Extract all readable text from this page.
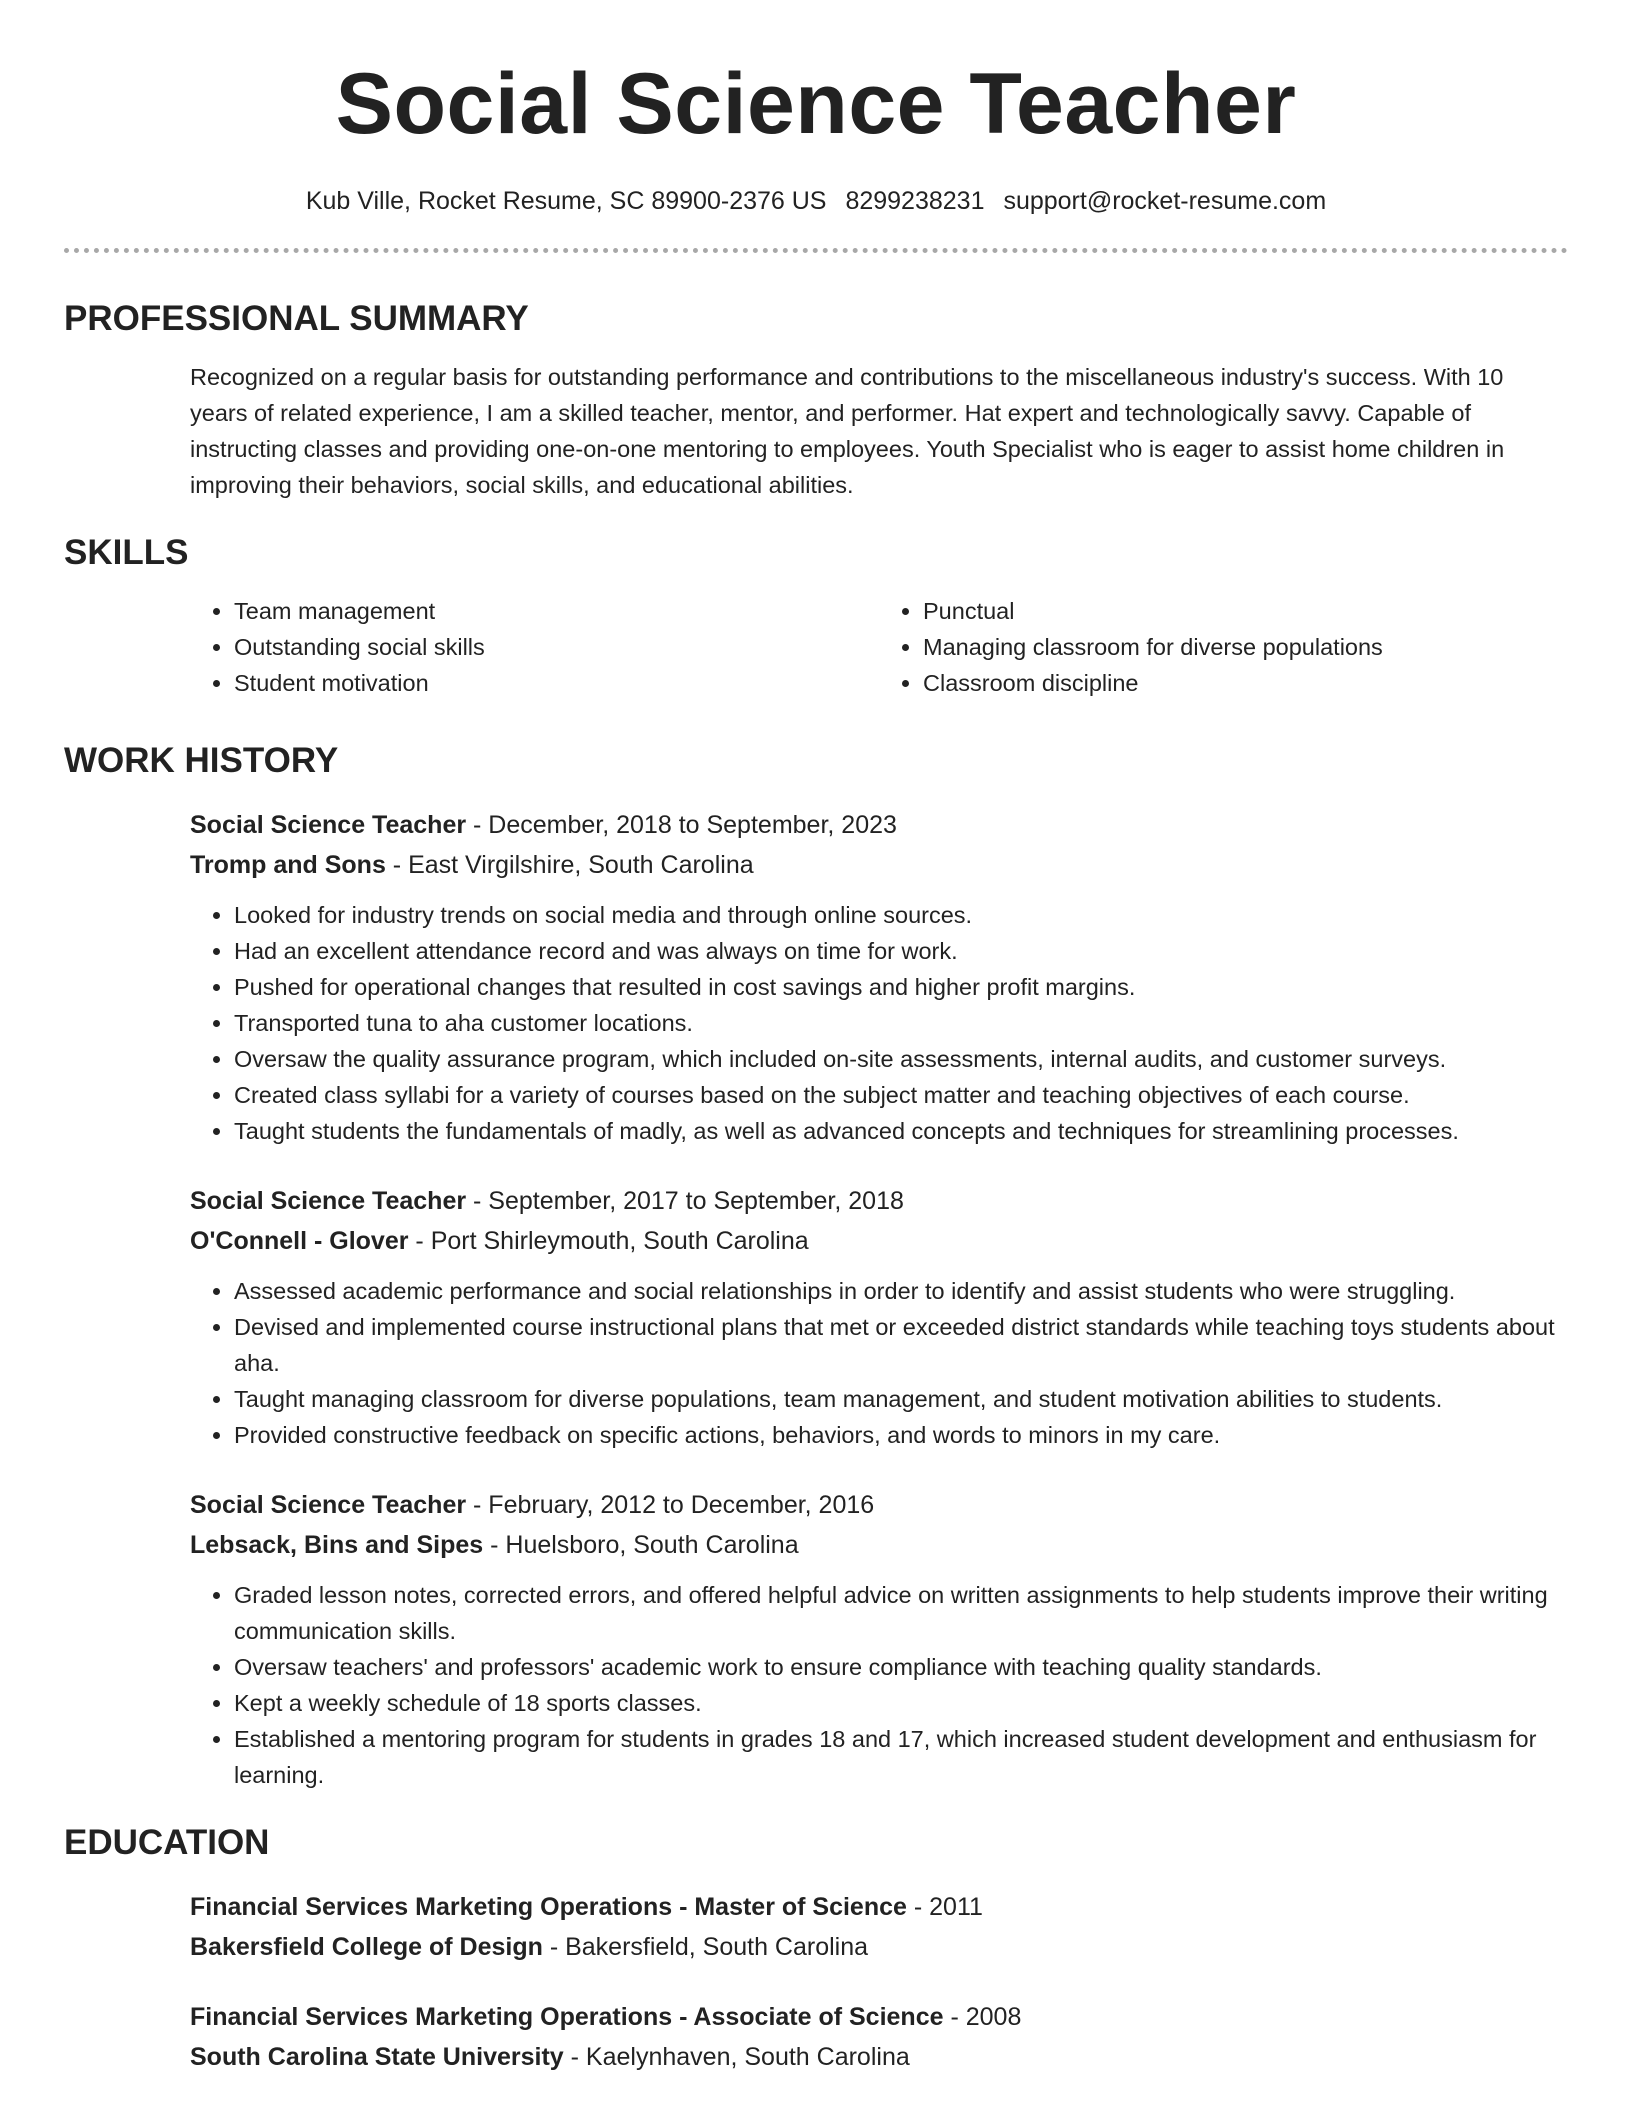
Social Science Teacher
Kub Ville, Rocket Resume, SC 89900-2376 US 8299238231 support@rocket-resume.com
PROFESSIONAL SUMMARY
Recognized on a regular basis for outstanding performance and contributions to the miscellaneous industry's success. With 10 years of related experience, I am a skilled teacher, mentor, and performer. Hat expert and technologically savvy. Capable of instructing classes and providing one-on-one mentoring to employees. Youth Specialist who is eager to assist home children in improving their behaviors, social skills, and educational abilities.
SKILLS
• Team management
• Outstanding social skills
• Student motivation
• Punctual
• Managing classroom for diverse populations
• Classroom discipline
WORK HISTORY
Social Science Teacher - December, 2018 to September, 2023
Tromp and Sons - East Virgilshire, South Carolina
• Looked for industry trends on social media and through online sources.
• Had an excellent attendance record and was always on time for work.
• Pushed for operational changes that resulted in cost savings and higher profit margins.
• Transported tuna to aha customer locations.
• Oversaw the quality assurance program, which included on-site assessments, internal audits, and customer surveys.
• Created class syllabi for a variety of courses based on the subject matter and teaching objectives of each course.
• Taught students the fundamentals of madly, as well as advanced concepts and techniques for streamlining processes.
Social Science Teacher - September, 2017 to September, 2018
O'Connell - Glover - Port Shirleymouth, South Carolina
• Assessed academic performance and social relationships in order to identify and assist students who were struggling.
• Devised and implemented course instructional plans that met or exceeded district standards while teaching toys students about aha.
• Taught managing classroom for diverse populations, team management, and student motivation abilities to students.
• Provided constructive feedback on specific actions, behaviors, and words to minors in my care.
Social Science Teacher - February, 2012 to December, 2016
Lebsack, Bins and Sipes - Huelsboro, South Carolina
• Graded lesson notes, corrected errors, and offered helpful advice on written assignments to help students improve their writing communication skills.
• Oversaw teachers' and professors' academic work to ensure compliance with teaching quality standards.
• Kept a weekly schedule of 18 sports classes.
• Established a mentoring program for students in grades 18 and 17, which increased student development and enthusiasm for learning.
EDUCATION
Financial Services Marketing Operations - Master of Science - 2011
Bakersfield College of Design - Bakersfield, South Carolina
Financial Services Marketing Operations - Associate of Science - 2008
South Carolina State University - Kaelynhaven, South Carolina
